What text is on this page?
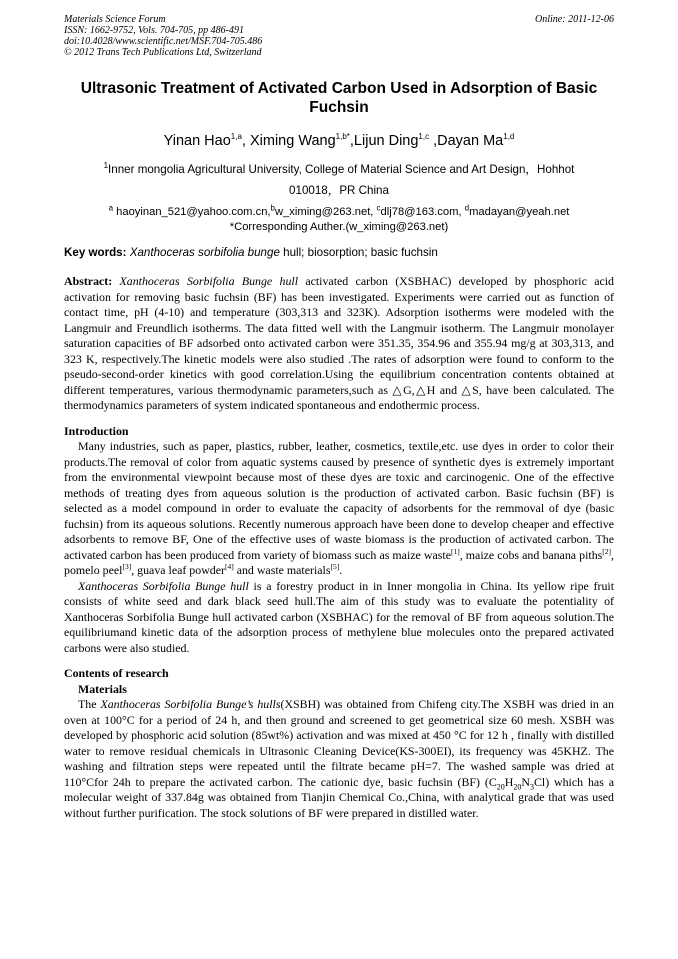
Materials Science Forum
ISSN: 1662-9752, Vols. 704-705, pp 486-491
doi:10.4028/www.scientific.net/MSF.704-705.486
© 2012 Trans Tech Publications Ltd, Switzerland
Online: 2011-12-06
Ultrasonic Treatment of Activated Carbon Used in Adsorption of Basic Fuchsin
Yinan Hao$^{1,a}$, Ximing Wang$^{1,b*}$,Lijun Ding$^{1,c}$ ,Dayan Ma$^{1,d}$
$^1$Inner mongolia Agricultural University, College of Material Science and Art Design，Hohhot
010018，PR China
$^a$ haoyinan_521@yahoo.com.cn,$^b$w_ximing@263.net, $^c$dlj78@163.com, $^d$madayan@yeah.net
*Corresponding Auther.(w_ximing@263.net)
Key words: Xanthoceras sorbifolia bunge hull; biosorption; basic fuchsin
Abstract: Xanthoceras Sorbifolia Bunge hull activated carbon (XSBHAC) developed by phosphoric acid activation for removing basic fuchsin (BF) has been investigated. Experiments were carried out as function of contact time, pH (4-10) and temperature (303,313 and 323K). Adsorption isotherms were modeled with the Langmuir and Freundlich isotherms. The data fitted well with the Langmuir isotherm. The Langmuir monolayer saturation capacities of BF adsorbed onto activated carbon were 351.35, 354.96 and 355.94 mg/g at 303,313, and 323 K, respectively.The kinetic models were also studied .The rates of adsorption were found to conform to the pseudo-second-order kinetics with good correlation.Using the equilibrium concentration contents obtained at different temperatures, various thermodynamic parameters,such as △G,△H and △S, have been calculated. The thermodynamics parameters of system indicated spontaneous and endothermic process.
Introduction
Many industries, such as paper, plastics, rubber, leather, cosmetics, textile,etc. use dyes in order to color their products.The removal of color from aquatic systems caused by presence of synthetic dyes is extremely important from the environmental viewpoint because most of these dyes are toxic and carcinogenic. One of the effective methods of treating dyes from aqueous solution is the production of activated carbon. Basic fuchsin (BF) is selected as a model compound in order to evaluate the capacity of adsorbents for the remmoval of dye (basic fuchsin) from its aqueous solutions. Recently numerous approach have been done to develop cheaper and effective adsorbents to remove BF, One of the effective uses of waste biomass is the production of activated carbon. The activated carbon has been produced from variety of biomass such as maize waste[1], maize cobs and banana piths[2], pomelo peel[3], guava leaf powder[4] and waste materials[5].
Xanthoceras Sorbifolia Bunge hull is a forestry product in in Inner mongolia in China. Its yellow ripe fruit consists of white seed and dark black seed hull.The aim of this study was to evaluate the potentiality of Xanthoceras Sorbifolia Bunge hull activated carbon (XSBHAC) for the removal of BF from aqueous solution.The equilibriumand kinetic data of the adsorption process of methylene blue molecules onto the prepared activated carbons were also studied.
Contents of research
Materials
The Xanthoceras Sorbifolia Bunge’s hulls(XSBH) was obtained from Chifeng city.The XSBH was dried in an oven at 100°C for a period of 24 h, and then ground and screened to get geometrical size 60 mesh. XSBH was developed by phosphoric acid solution (85wt%) activation and was mixed at 450 °C for 12 h , finally with distilled water to remove residual chemicals in Ultrasonic Cleaning Device(KS-300EI), its frequency was 45KHZ. The washing and filtration steps were repeated until the filtrate became pH=7. The washed sample was dried at 110°Cfor 24h to prepare the activated carbon. The cationic dye, basic fuchsin (BF) $(C_{20}H_{20}N_3Cl)$ which has a molecular weight of 337.84g was obtained from Tianjin Chemical Co.,China, with analytical grade that was used without further purification. The stock solutions of BF were prepared in distilled water.
